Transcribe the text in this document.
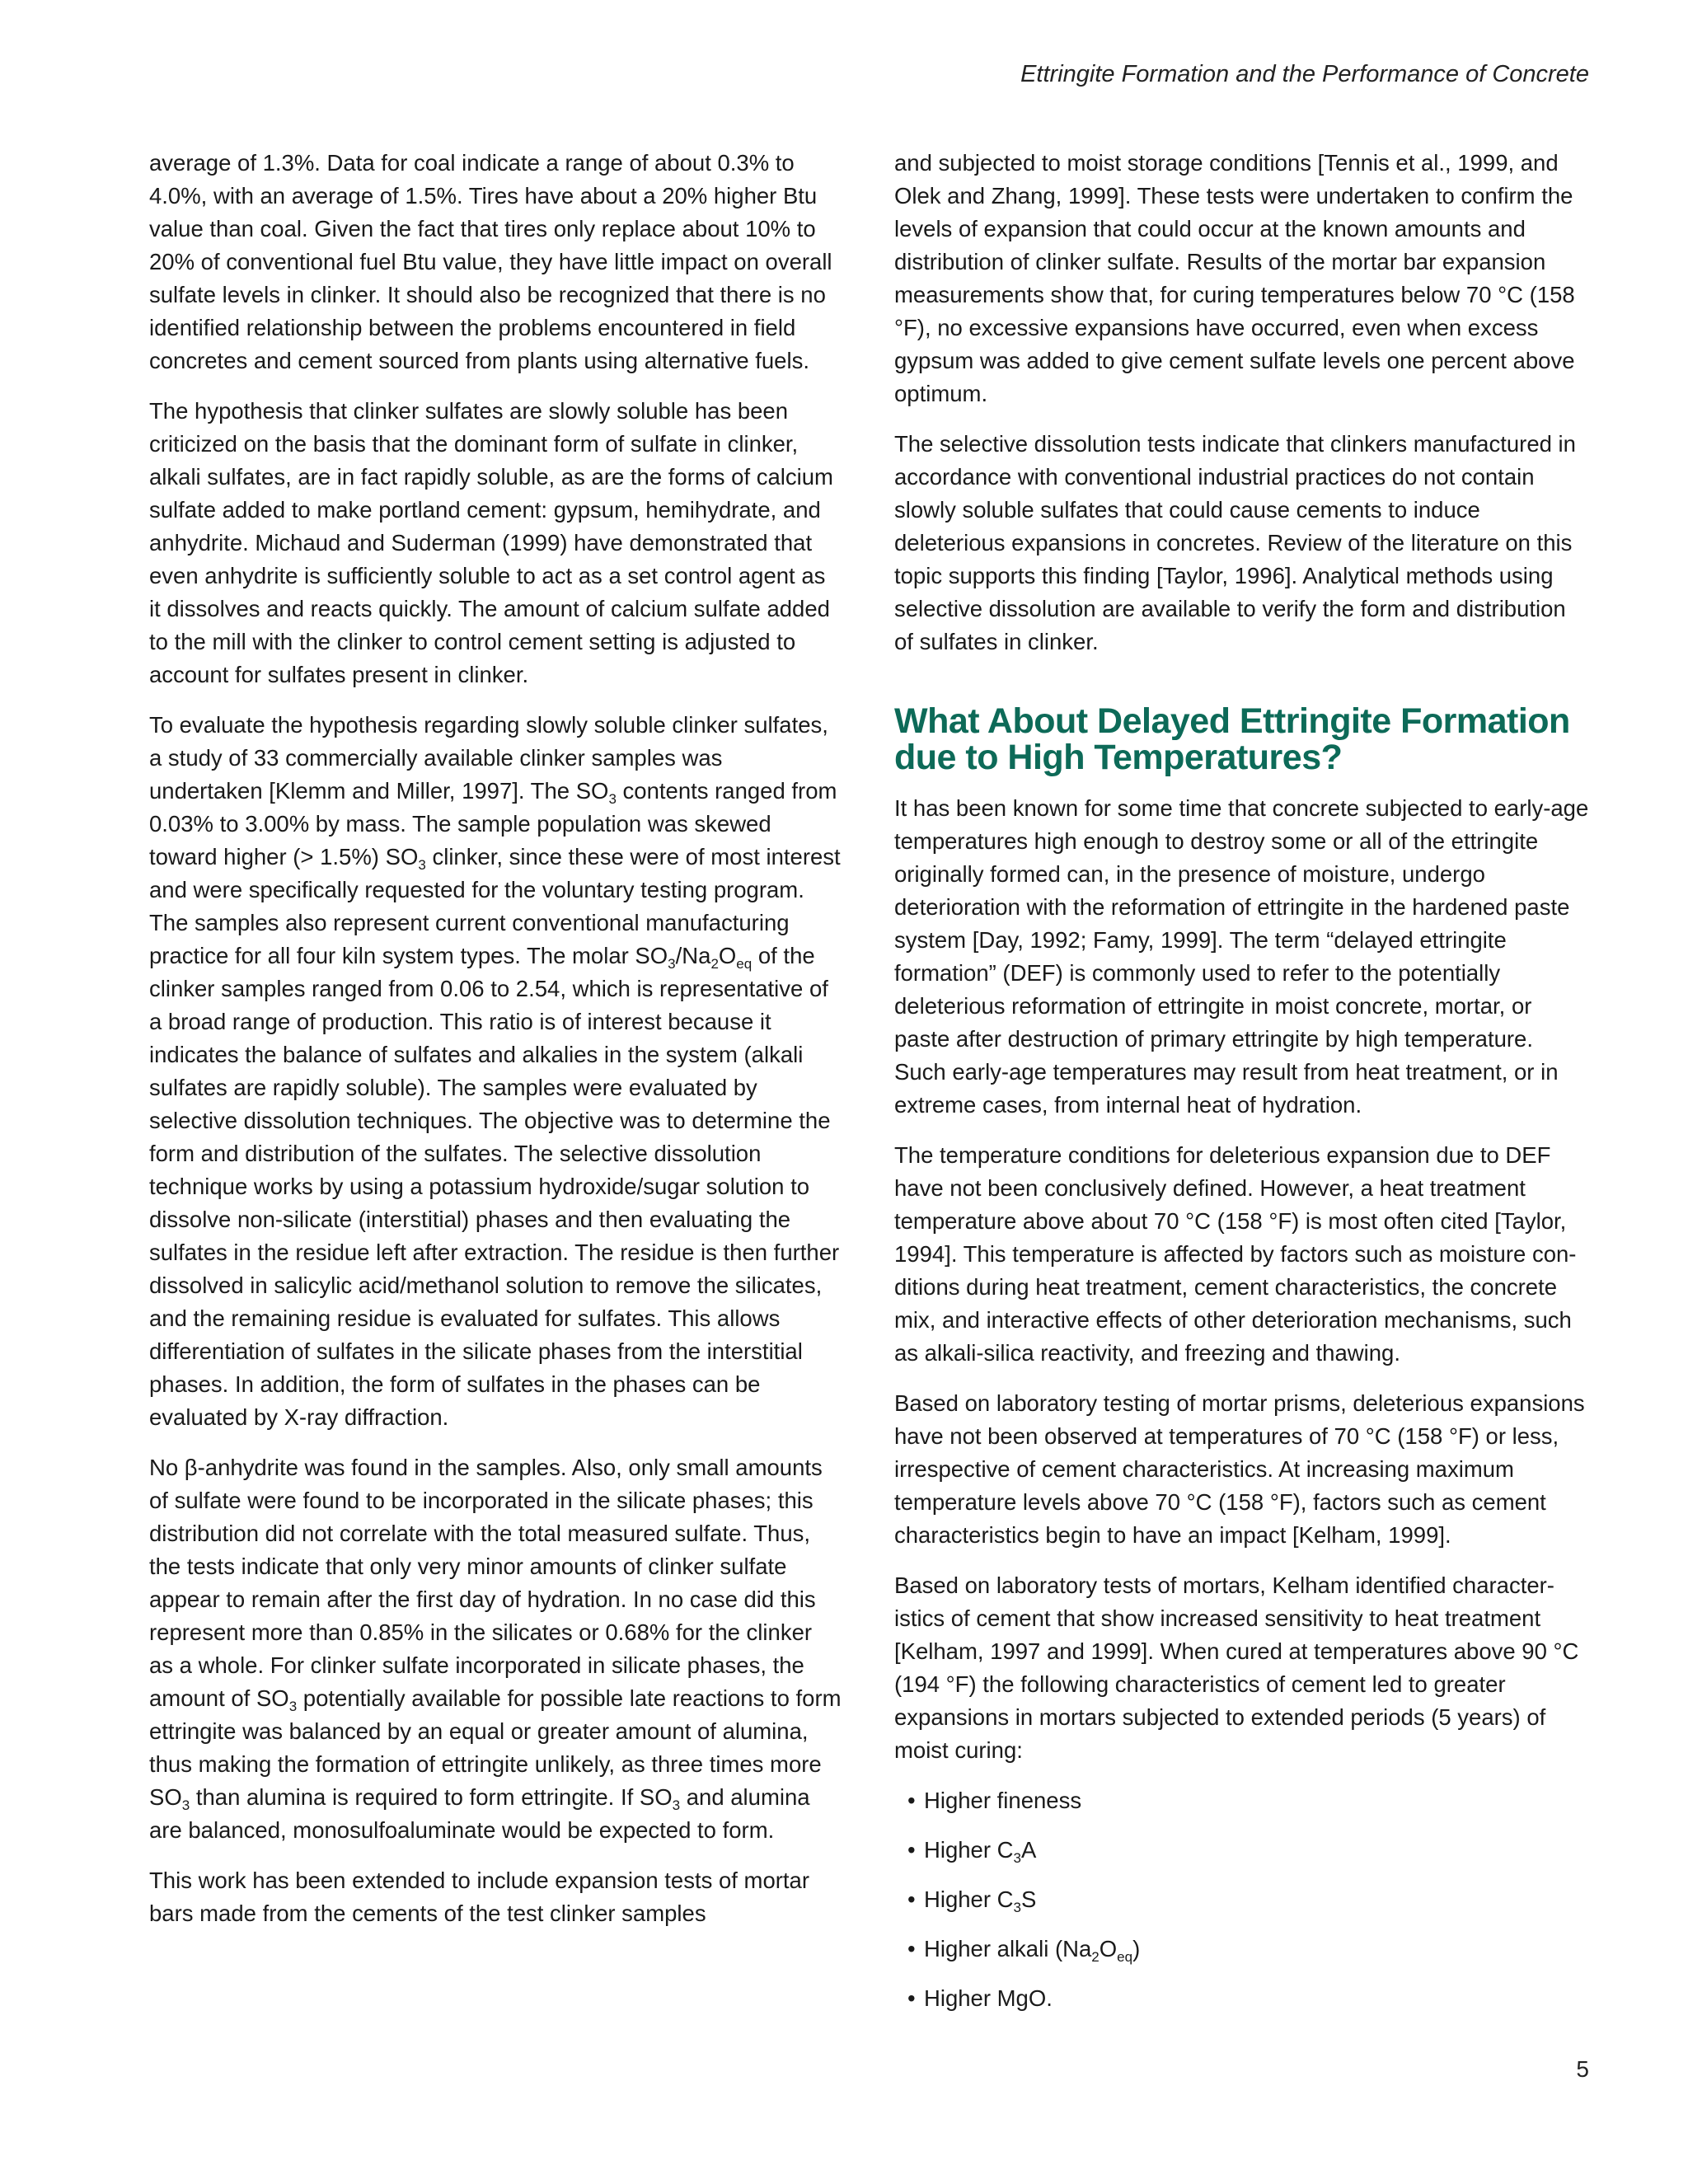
Ettringite Formation and the Performance of Concrete

average of 1.3%. Data for coal indicate a range of about 0.3% to 4.0%, with an average of 1.5%. Tires have about a 20% higher Btu value than coal. Given the fact that tires only replace about 10% to 20% of conventional fuel Btu value, they have little impact on overall sulfate levels in clinker. It should also be recognized that there is no identified relationship between the problems encountered in field concretes and cement sourced from plants using alternative fuels.

The hypothesis that clinker sulfates are slowly soluble has been criticized on the basis that the dominant form of sulfate in clinker, alkali sulfates, are in fact rapidly soluble, as are the forms of calcium sulfate added to make portland cement: gypsum, hemihydrate, and anhydrite. Michaud and Suderman (1999) have demonstrated that even anhydrite is sufficiently soluble to act as a set control agent as it dissolves and reacts quickly. The amount of calcium sulfate added to the mill with the clinker to control cement setting is adjusted to account for sulfates present in clinker.

To evaluate the hypothesis regarding slowly soluble clinker sulfates, a study of 33 commercially available clinker samples was undertaken [Klemm and Miller, 1997]. The $SO_3$ contents ranged from 0.03% to 3.00% by mass. The sample population was skewed toward higher (> 1.5%) $SO_3$ clinker, since these were of most interest and were specifically requested for the voluntary testing program. The samples also represent current conventional manufacturing practice for all four kiln system types. The molar $SO_3/Na_2O_{eq}$ of the clinker samples ranged from 0.06 to 2.54, which is representative of a broad range of production. This ratio is of interest because it indicates the balance of sulfates and alkalies in the system (alkali sulfates are rapidly soluble). The samples were evaluated by selective dissolution techniques. The objective was to determine the form and distribution of the sulfates. The selective dissolution technique works by using a potassium hydroxide/sugar solution to dissolve non-silicate (interstitial) phases and then evaluating the sulfates in the residue left after extraction. The residue is then further dissolved in salicylic acid/methanol solution to remove the silicates, and the remaining residue is evaluated for sulfates. This allows differentiation of sulfates in the silicate phases from the interstitial phases. In addition, the form of sulfates in the phases can be evaluated by X-ray diffraction.

No β-anhydrite was found in the samples. Also, only small amounts of sulfate were found to be incorporated in the silicate phases; this distribution did not correlate with the total measured sulfate. Thus, the tests indicate that only very minor amounts of clinker sulfate appear to remain after the first day of hydration. In no case did this represent more than 0.85% in the silicates or 0.68% for the clinker as a whole. For clinker sulfate incorporated in silicate phases, the amount of $SO_3$ potentially available for possible late reactions to form ettringite was balanced by an equal or greater amount of alumina, thus making the formation of ettringite unlikely, as three times more $SO_3$ than alumina is required to form ettringite. If $SO_3$ and alumina are balanced, monosulfoaluminate would be expected to form.

This work has been extended to include expansion tests of mortar bars made from the cements of the test clinker samples

and subjected to moist storage conditions [Tennis et al., 1999, and Olek and Zhang, 1999]. These tests were undertaken to confirm the levels of expansion that could occur at the known amounts and distribution of clinker sulfate. Results of the mortar bar expansion measurements show that, for curing temperatures below 70 °C (158 °F), no excessive expansions have occurred, even when excess gypsum was added to give cement sulfate levels one percent above optimum.

The selective dissolution tests indicate that clinkers manufactured in accordance with conventional industrial practices do not contain slowly soluble sulfates that could cause cements to induce deleterious expansions in concretes. Review of the literature on this topic supports this finding [Taylor, 1996]. Analytical methods using selective dissolution are available to verify the form and distribution of sulfates in clinker.

What About Delayed Ettringite Formation due to High Temperatures?

It has been known for some time that concrete subjected to early-age temperatures high enough to destroy some or all of the ettringite originally formed can, in the presence of moisture, undergo deterioration with the reformation of ettringite in the hardened paste system [Day, 1992; Famy, 1999]. The term “delayed ettringite formation” (DEF) is commonly used to refer to the potentially deleterious reformation of ettringite in moist concrete, mortar, or paste after destruction of primary ettringite by high temperature. Such early-age temperatures may result from heat treatment, or in extreme cases, from internal heat of hydration.

The temperature conditions for deleterious expansion due to DEF have not been conclusively defined. However, a heat treatment temperature above about 70 °C (158 °F) is most often cited [Taylor, 1994]. This temperature is affected by factors such as moisture con-ditions during heat treatment, cement characteristics, the concrete mix, and interactive effects of other deterioration mechanisms, such as alkali-silica reactivity, and freezing and thawing.

Based on laboratory testing of mortar prisms, deleterious expansions have not been observed at temperatures of 70 °C (158 °F) or less, irrespective of cement characteristics. At increasing maximum temperature levels above 70 °C (158 °F), factors such as cement characteristics begin to have an impact [Kelham, 1999].

Based on laboratory tests of mortars, Kelham identified character-istics of cement that show increased sensitivity to heat treatment [Kelham, 1997 and 1999]. When cured at temperatures above 90 °C (194 °F) the following characteristics of cement led to greater expansions in mortars subjected to extended periods (5 years) of moist curing:

• Higher fineness
• Higher $C_3A$
• Higher $C_3S$
• Higher alkali $(Na_2O_{eq})$
• Higher MgO.
5
